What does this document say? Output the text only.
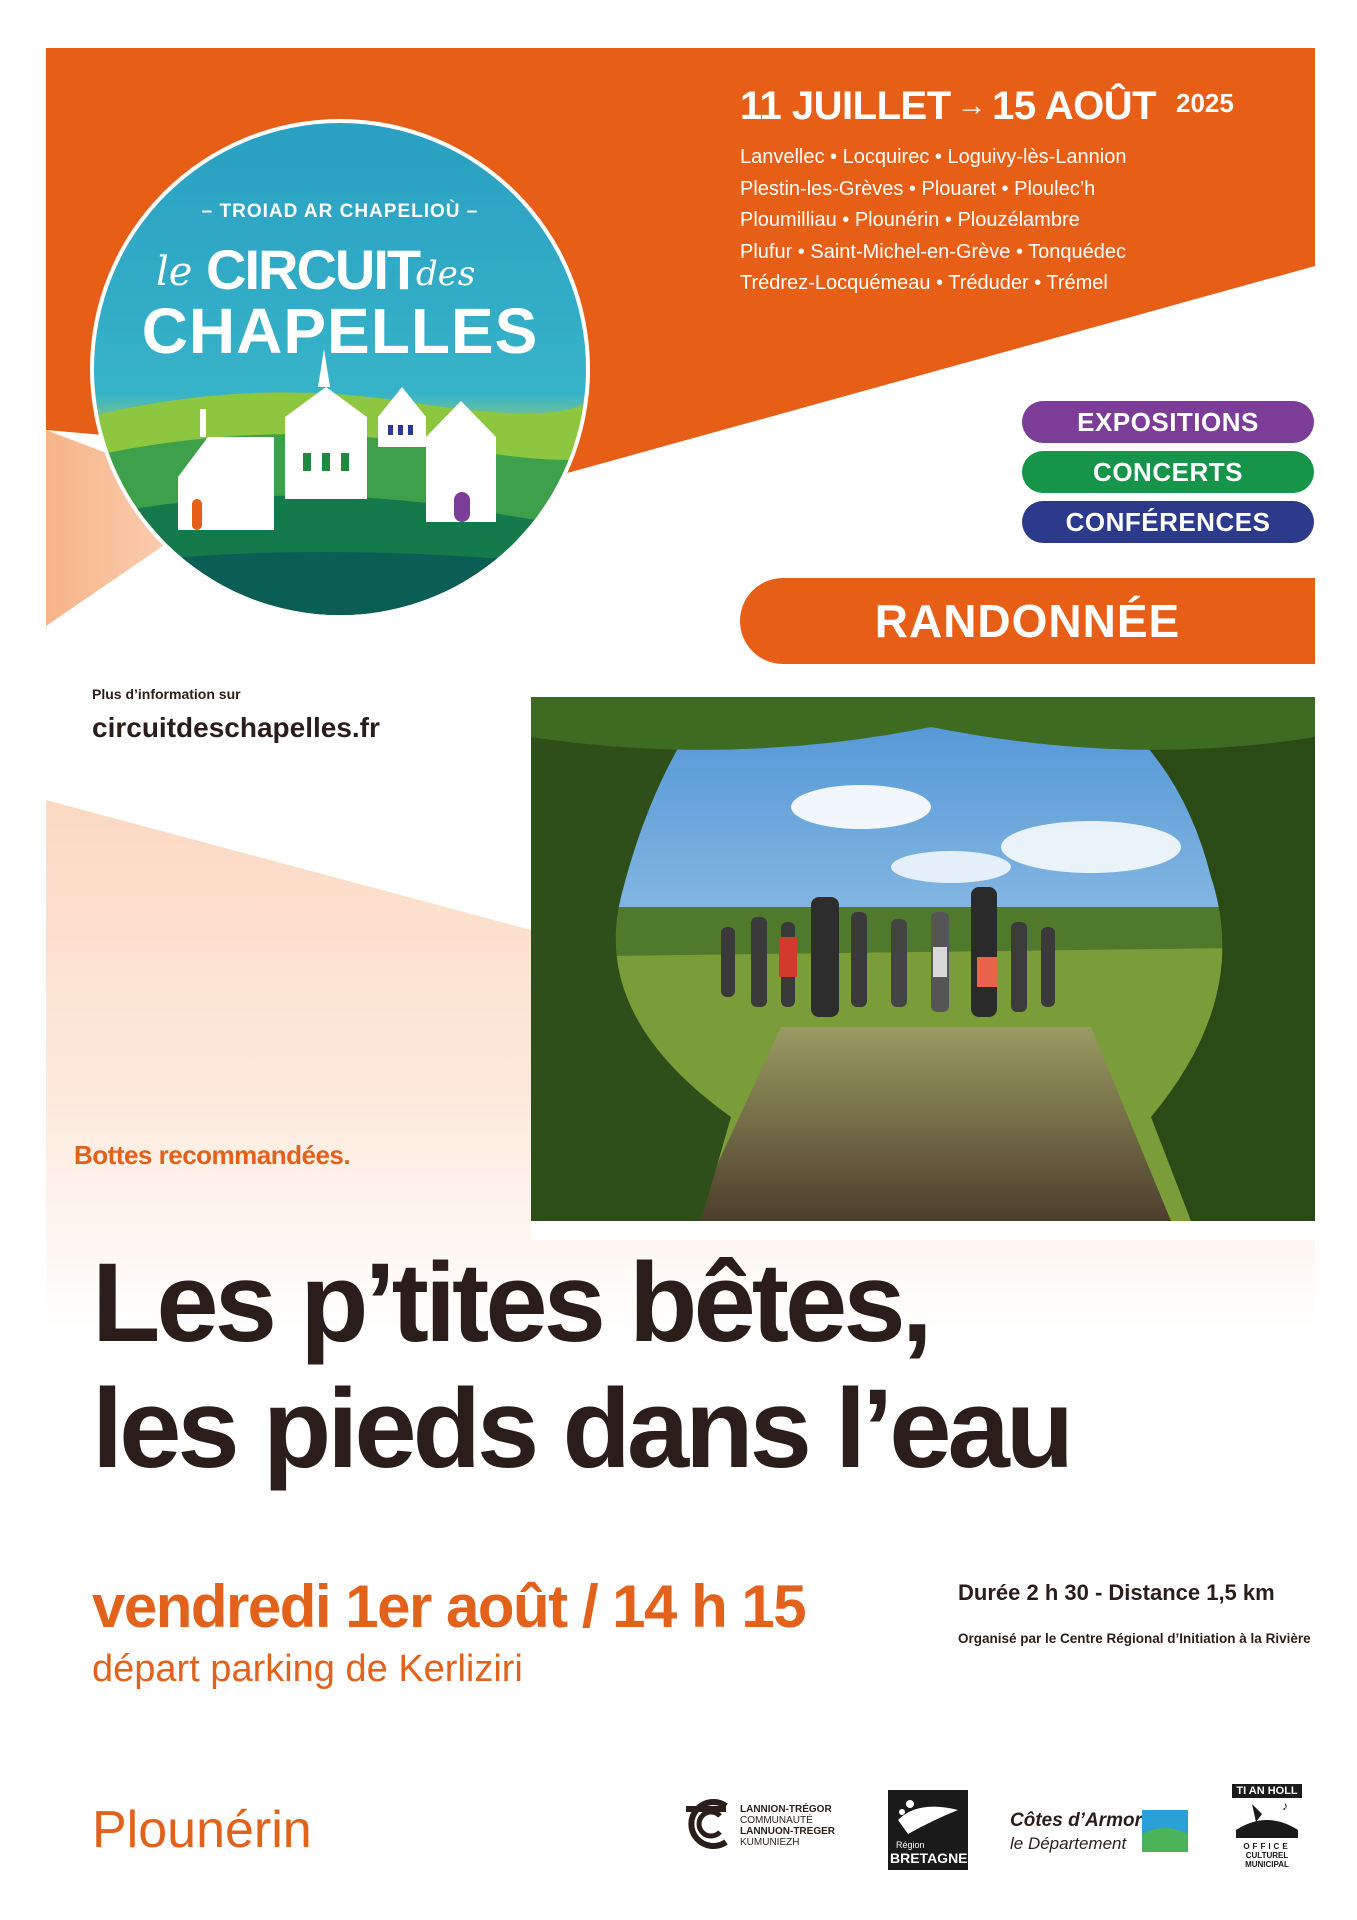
– TROIAD AR CHAPELIOÙ –
le CIRCUIT
des
CHAPELLES
11 JUILLET → 15 AOÛT 2025
Lanvellec • Locquirec • Loguivy-lès-Lannion
Plestin-les-Grèves • Plouaret • Ploulec’h
Ploumilliau • Plounérin • Plouzélambre
Plufur • Saint-Michel-en-Grève • Tonquédec
Trédrez-Locquémeau • Tréduder • Trémel
EXPOSITIONS
CONCERTS
CONFÉRENCES
RANDONNÉE
Plus d’information sur
circuitdeschapelles.fr
Bottes recommandées.
Les p’tites bêtes,
les pieds dans l’eau
vendredi 1er août / 14 h 15
départ parking de Kerliziri
Durée 2 h 30 - Distance 1,5 km
Organisé par le Centre Régional d’Initiation à la Rivière
Plounérin	LANNION-TRÉGOR
COMMUNAUTÉ
LANNUON-TREGER
KUMUNIEZH	Région
BRETAGNE
Côtes d’Armor
le Département
TI AN HOLL
♪
OFFICE
CULTUREL
MUNICIPAL
